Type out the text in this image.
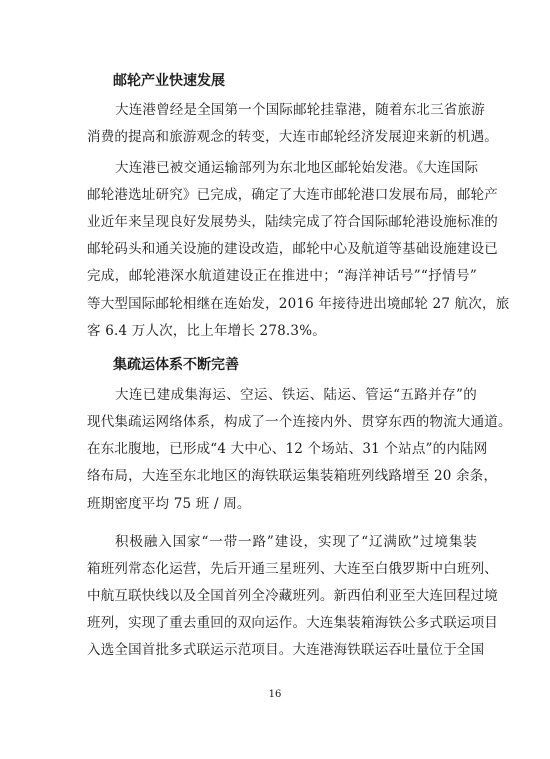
邮轮产业快速发展
大连港曾经是全国第一个国际邮轮挂靠港，随着东北三省旅游
消费的提高和旅游观念的转变，大连市邮轮经济发展迎来新的机遇。
大连港已被交通运输部列为东北地区邮轮始发港。《大连国际
邮轮港选址研究》已完成，确定了大连市邮轮港口发展布局，邮轮产
业近年来呈现良好发展势头，陆续完成了符合国际邮轮港设施标准的
邮轮码头和通关设施的建设改造，邮轮中心及航道等基础设施建设已
完成，邮轮港深水航道建设正在推进中；“海洋神话号”“抒情号”
等大型国际邮轮相继在连始发，2016 年接待进出境邮轮 27 航次，旅
客 6.4 万人次，比上年增长 278.3%。
集疏运体系不断完善
大连已建成集海运、空运、铁运、陆运、管运“五路并存”的
现代集疏运网络体系，构成了一个连接内外、贯穿东西的物流大通道。
在东北腹地，已形成“4 大中心、12 个场站、31 个站点”的内陆网
络布局，大连至东北地区的海铁联运集装箱班列线路增至 20 余条，
班期密度平均 75 班 / 周。
积极融入国家“一带一路”建设，实现了“辽满欧”过境集装
箱班列常态化运营，先后开通三星班列、大连至白俄罗斯中白班列、
中航互联快线以及全国首列全冷藏班列。新西伯利亚至大连回程过境
班列，实现了重去重回的双向运作。大连集装箱海铁公多式联运项目
入选全国首批多式联运示范项目。大连港海铁联运吞吐量位于全国
16
